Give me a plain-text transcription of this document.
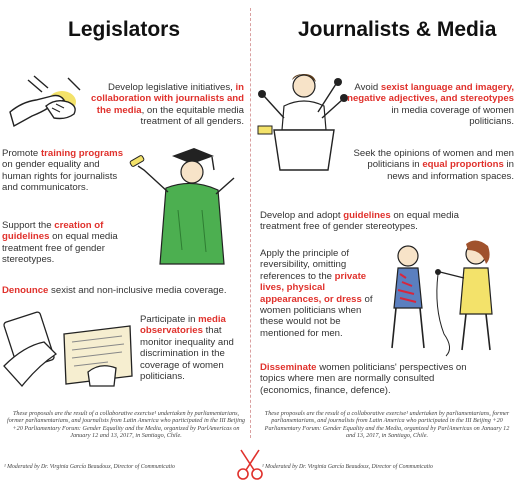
Legislators
Develop legislative initiatives, in collaboration with journalists and the media, on the equitable media treatment of all genders.
Promote training programs on gender equality and human rights for journalists and communicators.
Support the creation of guidelines on equal media treatment free of gender stereotypes.
Denounce sexist and non-inclusive media coverage.
Participate in media observatories that monitor inequality and discrimination in the coverage of women politicians.
These proposals are the result of a collaborative exercise¹ undertaken by parliamentarians, former parliamentarians, and journalists from Latin America who participated in the III Beijing +20 Parliamentary Forum: Gender Equality and the Media, organized by ParlAmericas on January 12 and 13, 2017, in Santiago, Chile.
¹ Moderated by Dr. Virginia García Beaudoux, Director of Communicatio
Journalists & Media
Avoid sexist language and imagery, negative adjectives, and stereotypes in media coverage of women politicians.
Seek the opinions of women and men politicians in equal proportions in news and information spaces.
Develop and adopt guidelines on equal media treatment free of gender stereotypes.
Apply the principle of reversibility, omitting references to the private lives, physical appearances, or dress of women politicians when these would not be mentioned for men.
Disseminate women politicians' perspectives on topics where men are normally consulted (economics, finance, defence).
These proposals are the result of a collaborative exercise¹ undertaken by parliamentarians, former parliamentarians, and journalists from Latin America who participated in the III Beijing +20 Parliamentary Forum: Gender Equality and the Media, organized by ParlAmericas on January 12 and 13, 2017, in Santiago, Chile.
¹ Moderated by Dr. Virginia García Beaudoux, Director of Communicatio
